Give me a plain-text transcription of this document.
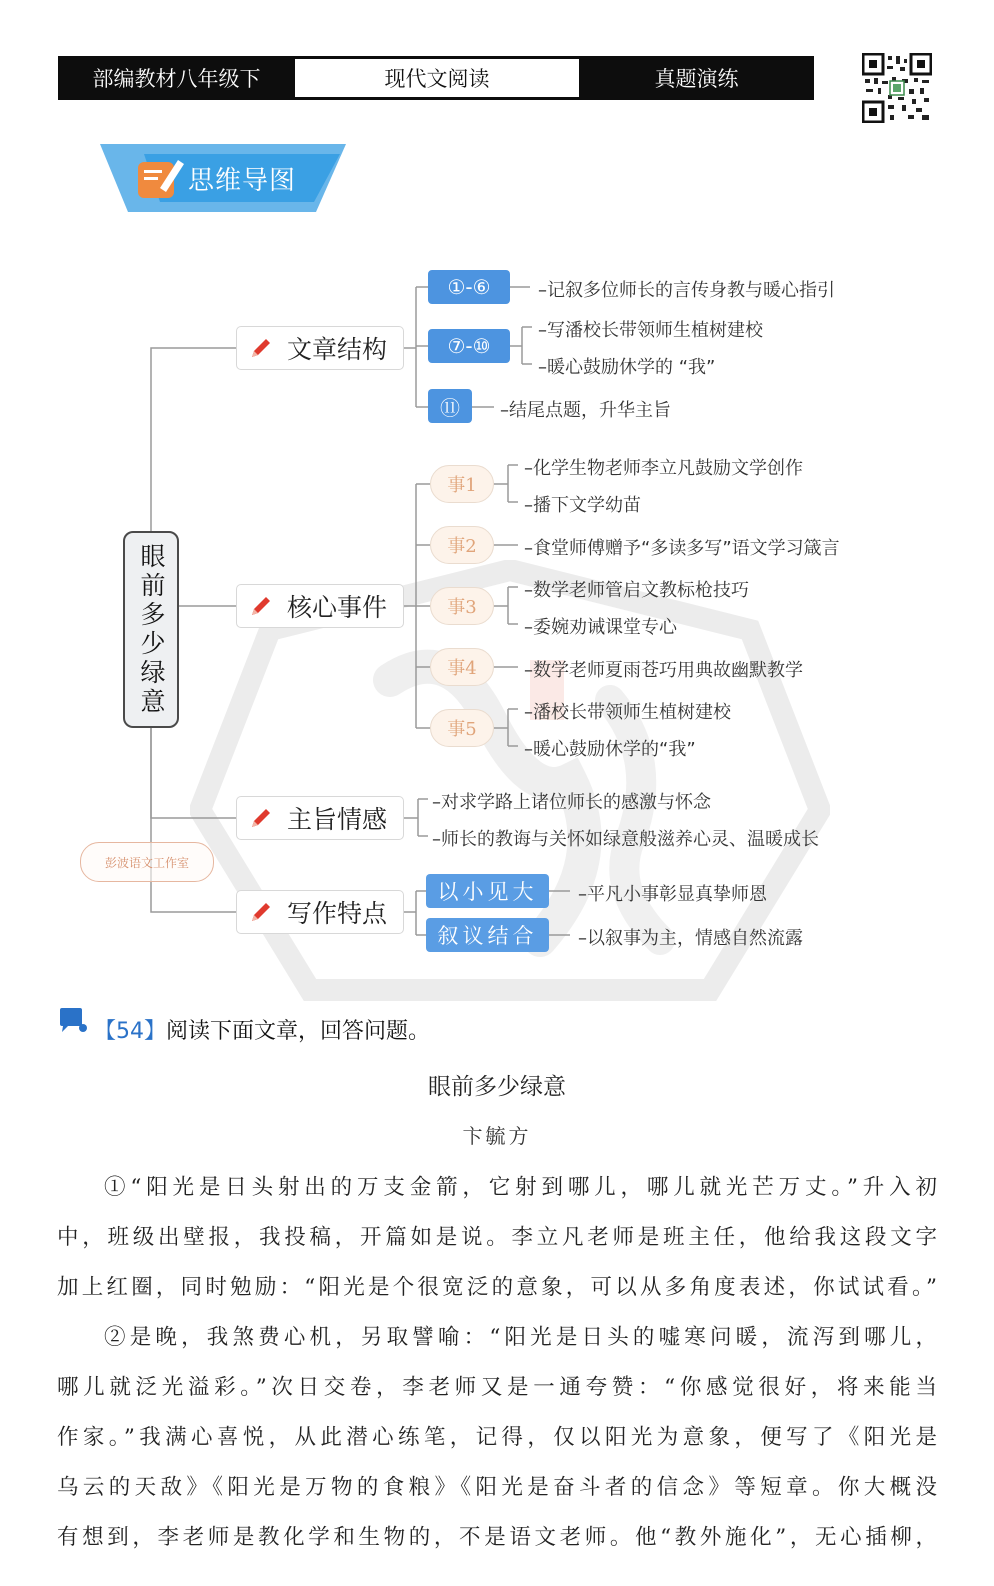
部编教材八年级下	现代文阅读	真题演练
思维导图
眼前多少绿意
文章结构
①-⑥	–记叙多位师长的言传身教与暖心指引
⑦-⑩
–写潘校长带领师生植树建校
–暖心鼓励休学的 “我”
⑪	–结尾点题，升华主旨
核心事件
事1
–化学生物老师李立凡鼓励文学创作
–播下文学幼苗
事2	–食堂师傅赠予“多读多写”语文学习箴言
事3
–数学老师管启文教标枪技巧
–委婉劝诫课堂专心
事4	–数学老师夏雨苍巧用典故幽默教学
事5
–潘校长带领师生植树建校
–暖心鼓励休学的“我”
主旨情感
–对求学路上诸位师长的感激与怀念
–师长的教诲与关怀如绿意般滋养心灵、温暖成长
彭波语文工作室
写作特点
以小见大	–平凡小事彰显真挚师恩
叙议结合	–以叙事为主，情感自然流露
【54】阅读下面文章，回答问题。
眼前多少绿意
卞毓方
①“阳光是日头射出的万支金箭，它射到哪儿，哪儿就光芒万丈。”升入初
中，班级出壁报，我投稿，开篇如是说。李立凡老师是班主任，他给我这段文字
加上红圈，同时勉励：“阳光是个很宽泛的意象，可以从多角度表述，你试试看。”
②是晚，我煞费心机，另取譬喻：“阳光是日头的嘘寒问暖，流泻到哪儿，
哪儿就泛光溢彩。”次日交卷，李老师又是一通夸赞：“你感觉很好，将来能当
作家。”我满心喜悦，从此潜心练笔，记得，仅以阳光为意象，便写了《阳光是
乌云的天敌》《阳光是万物的食粮》《阳光是奋斗者的信念》等短章。你大概没
有想到，李老师是教化学和生物的，不是语文老师。他“教外施化”，无心插柳，
